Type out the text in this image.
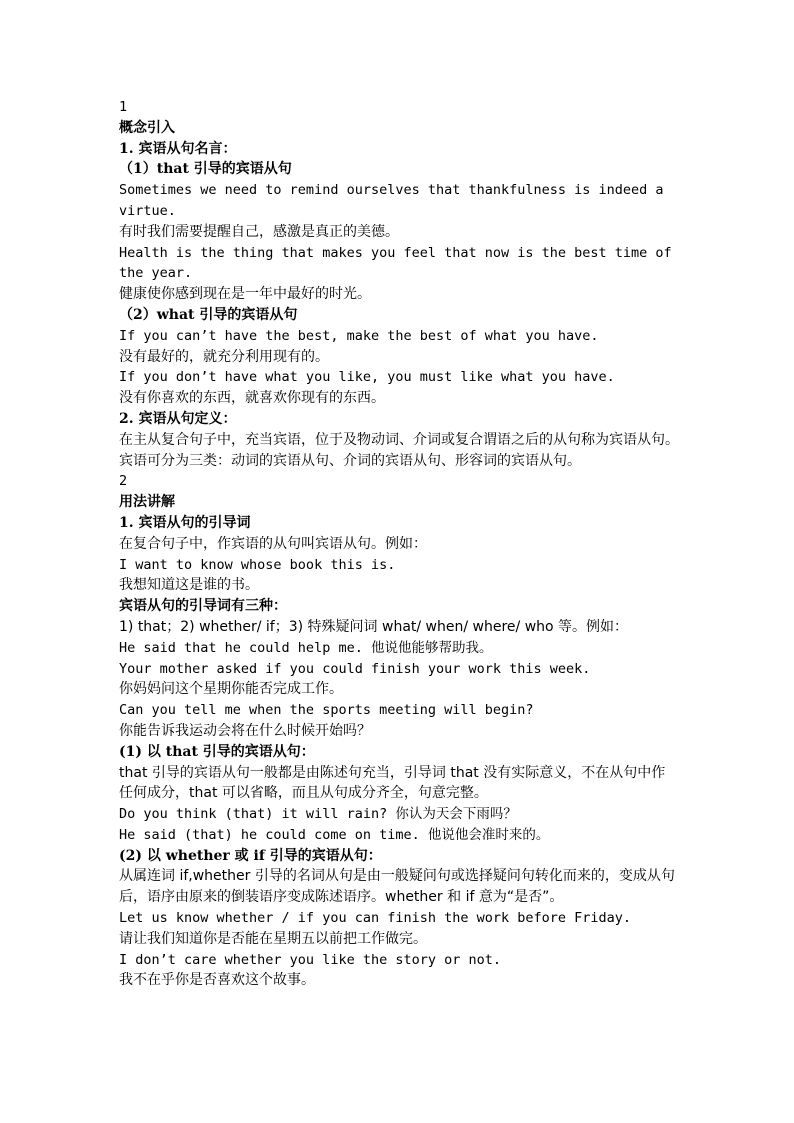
1
概念引入
1. 宾语从句名言：
（1）that 引导的宾语从句
Sometimes we need to remind ourselves that thankfulness is indeed a virtue.
有时我们需要提醒自己，感激是真正的美德。
Health is the thing that makes you feel that now is the best time of the year.
健康使你感到现在是一年中最好的时光。
（2）what 引导的宾语从句
If you can’t have the best, make the best of what you have.
没有最好的，就充分利用现有的。
If you don’t have what you like, you must like what you have.
没有你喜欢的东西，就喜欢你现有的东西。
2. 宾语从句定义：
在主从复合句子中，充当宾语，位于及物动词、介词或复合谓语之后的从句称为宾语从句。 宾语可分为三类：动词的宾语从句、介词的宾语从句、形容词的宾语从句。
2
用法讲解
1. 宾语从句的引导词
在复合句子中，作宾语的从句叫宾语从句。例如：
I want to know whose book this is.
我想知道这是谁的书。
宾语从句的引导词有三种：
1) that；2) whether/ if；3) 特殊疑问词 what/ when/ where/ who 等。例如：
He said that he could help me. 他说他能够帮助我。
Your mother asked if you could finish your work this week.
你妈妈问这个星期你能否完成工作。
Can you tell me when the sports meeting will begin?
你能告诉我运动会将在什么时候开始吗？
(1) 以 that 引导的宾语从句：
that 引导的宾语从句一般都是由陈述句充当，引导词 that 没有实际意义，不在从句中作任何成分，that 可以省略，而且从句成分齐全，句意完整。
Do you think (that) it will rain? 你认为天会下雨吗？
He said (that) he could come on time. 他说他会准时来的。
(2) 以 whether 或 if 引导的宾语从句：
从属连词 if,whether 引导的名词从句是由一般疑问句或选择疑问句转化而来的，变成从句后，语序由原来的倒装语序变成陈述语序。whether 和 if 意为“是否”。
Let us know whether / if you can finish the work before Friday.
请让我们知道你是否能在星期五以前把工作做完。
I don’t care whether you like the story or not.
我不在乎你是否喜欢这个故事。
